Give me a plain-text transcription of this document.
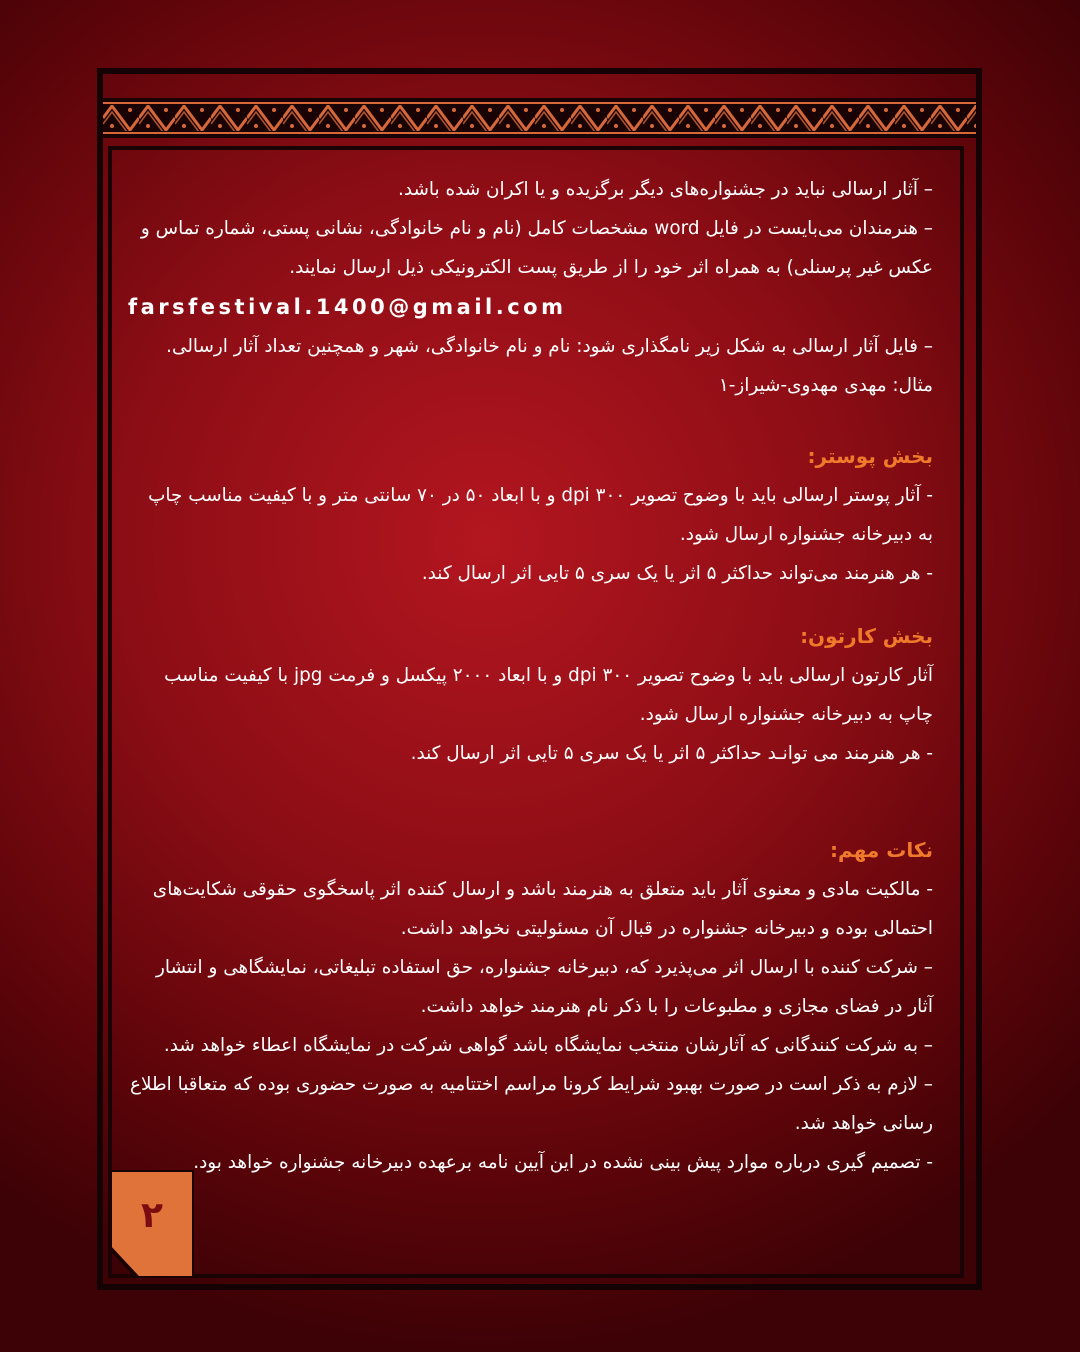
۲

– آثار ارسالی نباید در جشنواره‌های دیگر برگزیده و یا اکران شده باشد.

– هنرمندان می‌بایست در فایل word مشخصات کامل (نام و نام خانوادگی، نشانی پستی، شماره تماس و عکس غیر پرسنلی) به همراه اثر خود را از طریق پست الکترونیکی ذیل ارسال نمایند.

farsfestival.1400@gmail.com

– فایل آثار ارسالی به شکل زیر نامگذاری شود: نام و نام خانوادگی، شهر و همچنین تعداد آثار ارسالی. مثال: مهدی مهدوی-شیراز-۱

بخش پوستر:

- آثار پوستر ارسالی باید با وضوح تصویر ۳۰۰ dpi و با ابعاد ۵۰ در ۷۰ سانتی متر و با کیفیت مناسب چاپ به دبیرخانه جشنواره ارسال شود.

- هر هنرمند می‌تواند حداکثر ۵ اثر یا یک سری ۵ تایی اثر ارسال کند.

بخش کارتون:

آثار کارتون ارسالی باید با وضوح تصویر ۳۰۰ dpi و با ابعاد ۲۰۰۰ پیکسل و فرمت jpg با کیفیت مناسب چاپ به دبیرخانه جشنواره ارسال شود.

- هر هنرمند می توانـد حداکثر ۵ اثر یا یک سری ۵ تایی اثر ارسال کند.

نکات مهم:

- مالکیت مادی و معنوی آثار باید متعلق به هنرمند باشد و ارسال کننده اثر پاسخگوی حقوقی شکایت‌های احتمالی بوده و دبیرخانه جشنواره در قبال آن مسئولیتی نخواهد داشت.

– شرکت کننده با ارسال اثر می‌پذیرد که، دبیرخانه جشنواره، حق استفاده تبلیغاتی، نمایشگاهی و انتشار آثار در فضای مجازی و مطبوعات را با ذکر نام هنرمند خواهد داشت.

– به شرکت کنندگانی که آثارشان منتخب نمایشگاه باشد گواهی شرکت در نمایشگاه اعطاء خواهد شد.

– لازم به ذکر است در صورت بهبود شرایط کرونا مراسم اختتامیه به صورت حضوری بوده که متعاقبا اطلاع رسانی خواهد شد.

- تصمیم گیری درباره موارد پیش بینی نشده در این آیین نامه برعهده دبیرخانه جشنواره خواهد بود.
